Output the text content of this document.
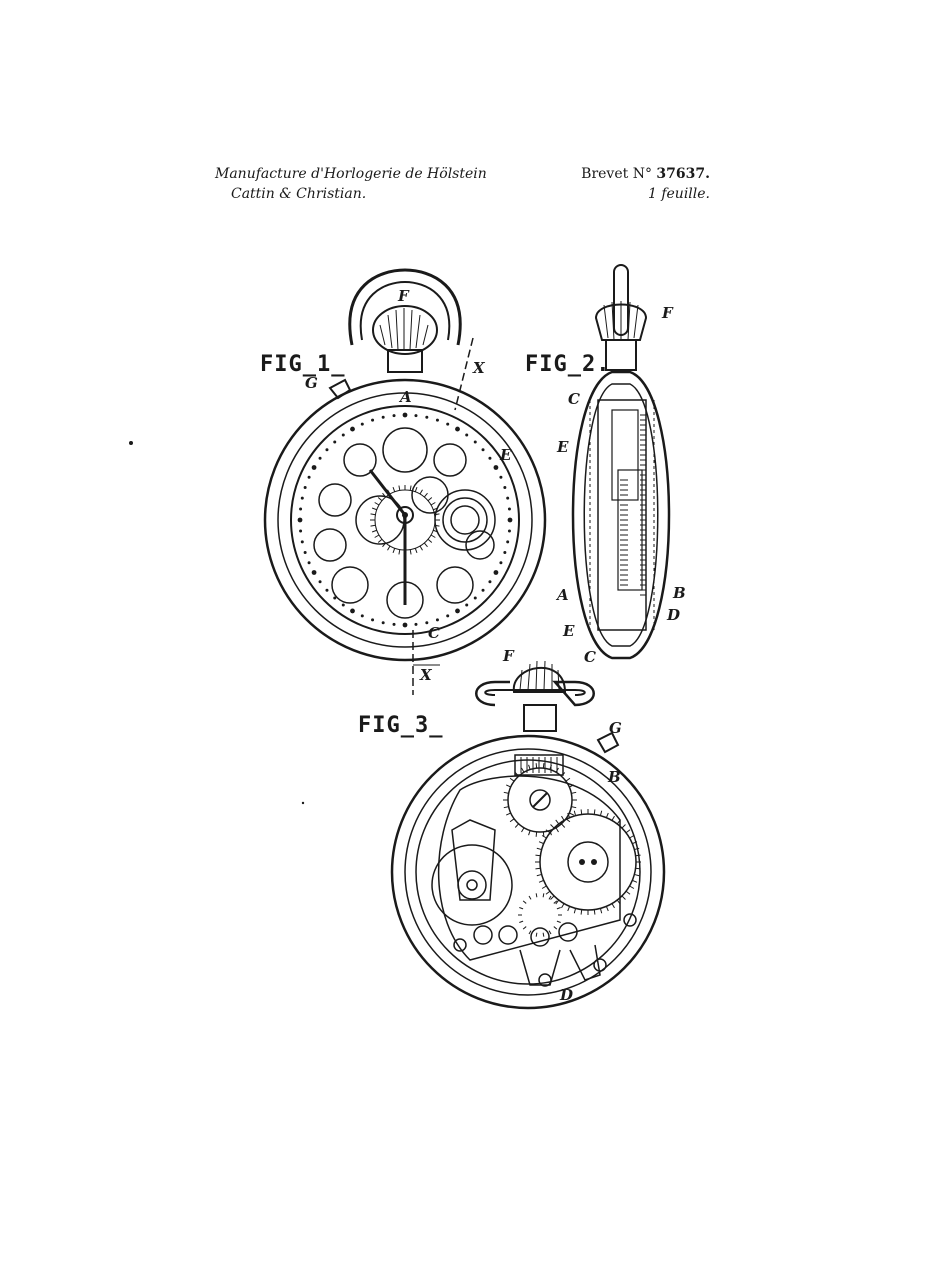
Manufacture d'Horlogerie de Hölstein
Cattin & Christian.
Brevet N° 37637.
1 feuille.
FIG_1_
F
G
A
X
E
C
X
FIG_2.
F
C
E
A	B
D
E
C
FIG_3_
F
G
B
D
